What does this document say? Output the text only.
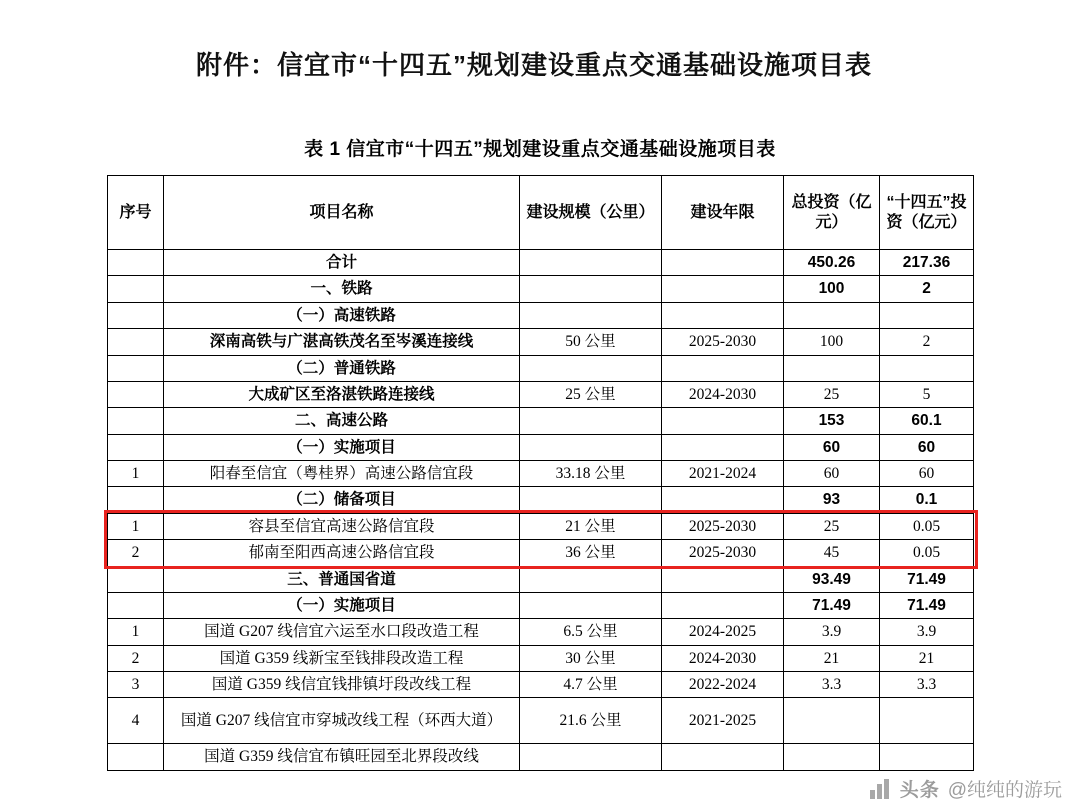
附件：信宜市“十四五”规划建设重点交通基础设施项目表
表 1 信宜市“十四五”规划建设重点交通基础设施项目表
序号	项目名称	建设规模（公里）	建设年限	总投资（亿元）	“十四五”投资（亿元）
	合计			450.26	217.36
	一、铁路			100	2
	（一）高速铁路				
	深南高铁与广湛高铁茂名至岑溪连接线	50 公里	2025-2030	100	2
	（二）普通铁路				
	大成矿区至洛湛铁路连接线	25 公里	2024-2030	25	5
	二、高速公路			153	60.1
	（一）实施项目			60	60
1	阳春至信宜（粤桂界）高速公路信宜段	33.18 公里	2021-2024	60	60
	（二）储备项目			93	0.1
1	容县至信宜高速公路信宜段	21 公里	2025-2030	25	0.05
2	郁南至阳西高速公路信宜段	36 公里	2025-2030	45	0.05
	三、普通国省道			93.49	71.49
	（一）实施项目			71.49	71.49
1	国道 G207 线信宜六运至水口段改造工程	6.5 公里	2024-2025	3.9	3.9
2	国道 G359 线新宝至钱排段改造工程	30 公里	2024-2030	21	21
3	国道 G359 线信宜钱排镇圩段改线工程	4.7 公里	2022-2024	3.3	3.3
4	国道 G207 线信宜市穿城改线工程（环西大道）	21.6 公里	2021-2025		
	国道 G359 线信宜布镇旺园至北界段改线				
头条 @纯纯的游玩
